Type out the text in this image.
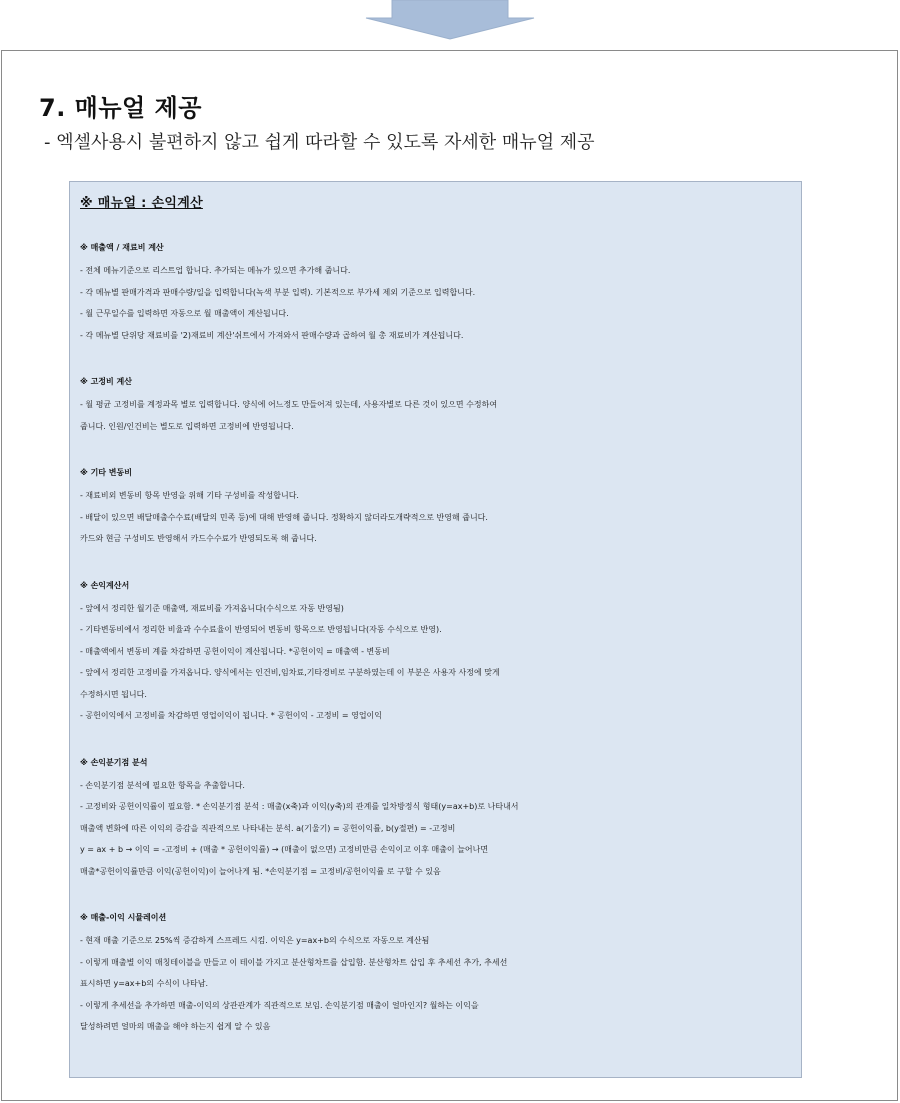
7. 매뉴얼 제공
- 엑셀사용시 불편하지 않고 쉽게 따라할 수 있도록 자세한 매뉴얼 제공
※ 매뉴얼 : 손익계산
※ 매출액 / 재료비 계산
- 전체 메뉴기준으로 리스트업 합니다. 추가되는 메뉴가 있으면 추가해 줍니다.
- 각 메뉴별 판매가격과 판매수량/일을 입력합니다(녹색 부분 입력). 기본적으로 부가세 제외 기준으로 입력합니다.
- 월 근무일수를 입력하면 자동으로 월 매출액이 계산됩니다.
- 각 메뉴별 단위당 재료비를 '2)재료비 계산'쉬트에서 가져와서 판매수량과 곱하여 월 총 재료비가 계산됩니다.
※ 고정비 계산
- 월 평균 고정비를 계정과목 별로 입력합니다. 양식에 어느정도 만들어져 있는데, 사용자별로 다른 것이 있으면 수정하여
줍니다. 인원/인건비는 별도로 입력하면 고정비에 반영됩니다.
※ 기타 변동비
- 재료비외 변동비 항목 반영을 위해 기타 구성비를 작성합니다.
- 배달이 있으면 배달매출수수료(배달의 민족 등)에 대해 반영해 줍니다. 정확하지 않더라도개략적으로 반영해 줍니다.
카드와 현금 구성비도 반영해서 카드수수료가 반영되도록 해 줍니다.
※ 손익계산서
- 앞에서 정리한 월기준 매출액, 재료비를 가져옵니다(수식으로 자동 반영됨)
- 기타변동비에서 정리한 비율과 수수료율이 반영되어 변동비 항목으로 반영됩니다(자동 수식으로 반영).
- 매출액에서 변동비 계를 차감하면 공헌이익이 계산됩니다. *공헌이익 = 매출액 - 변동비
- 앞에서 정리한 고정비를 가져옵니다. 양식에서는 인건비,임차료,기타경비로 구분하였는데 이 부분은 사용자 사정에 맞게
수정하시면 됩니다.
- 공헌이익에서 고정비를 차감하면 영업이익이 됩니다. * 공헌이익 - 고정비 = 영업이익
※ 손익분기점 분석
- 손익분기점 분석에 필요한 항목을 추출합니다.
- 고정비와 공헌이익률이 필요함. * 손익분기점 분석 : 매출(x축)과 이익(y축)의 관계를 일차방정식 형태(y=ax+b)로 나타내서
매출액 변화에 따른 이익의 증감을 직관적으로 나타내는 분석. a(기울기) = 공헌이익률, b(y절편) = -고정비
y = ax + b → 이익 = -고정비 + (매출 * 공헌이익률) → (매출이 없으면) 고정비만큼 손익이고 이후 매출이 늘어나면
매출*공헌이익률만큼 이익(공헌이익)이 늘어나게 됨. *손익분기점 = 고정비/공헌이익률 로 구할 수 있음
※ 매출-이익 시뮬레이션
- 현재 매출 기준으로 25%씩 증감하게 스프레드 시킴. 이익은 y=ax+b의 수식으로 자동으로 계산됨
- 이렇게 매출별 이익 매칭테이블을 만들고 이 테이블 가지고 분산형차트를 삽입함. 분산형차트 삽입 후 추세선 추가, 추세선
표시하면 y=ax+b의 수식이 나타남.
- 이렇게 추세선을 추가하면 매출-이익의 상관관계가 직관적으로 보임. 손익분기점 매출이 얼마인지? 월하는 이익을
달성하려면 얼마의 매출을 해야 하는지 쉽게 알 수 있음
